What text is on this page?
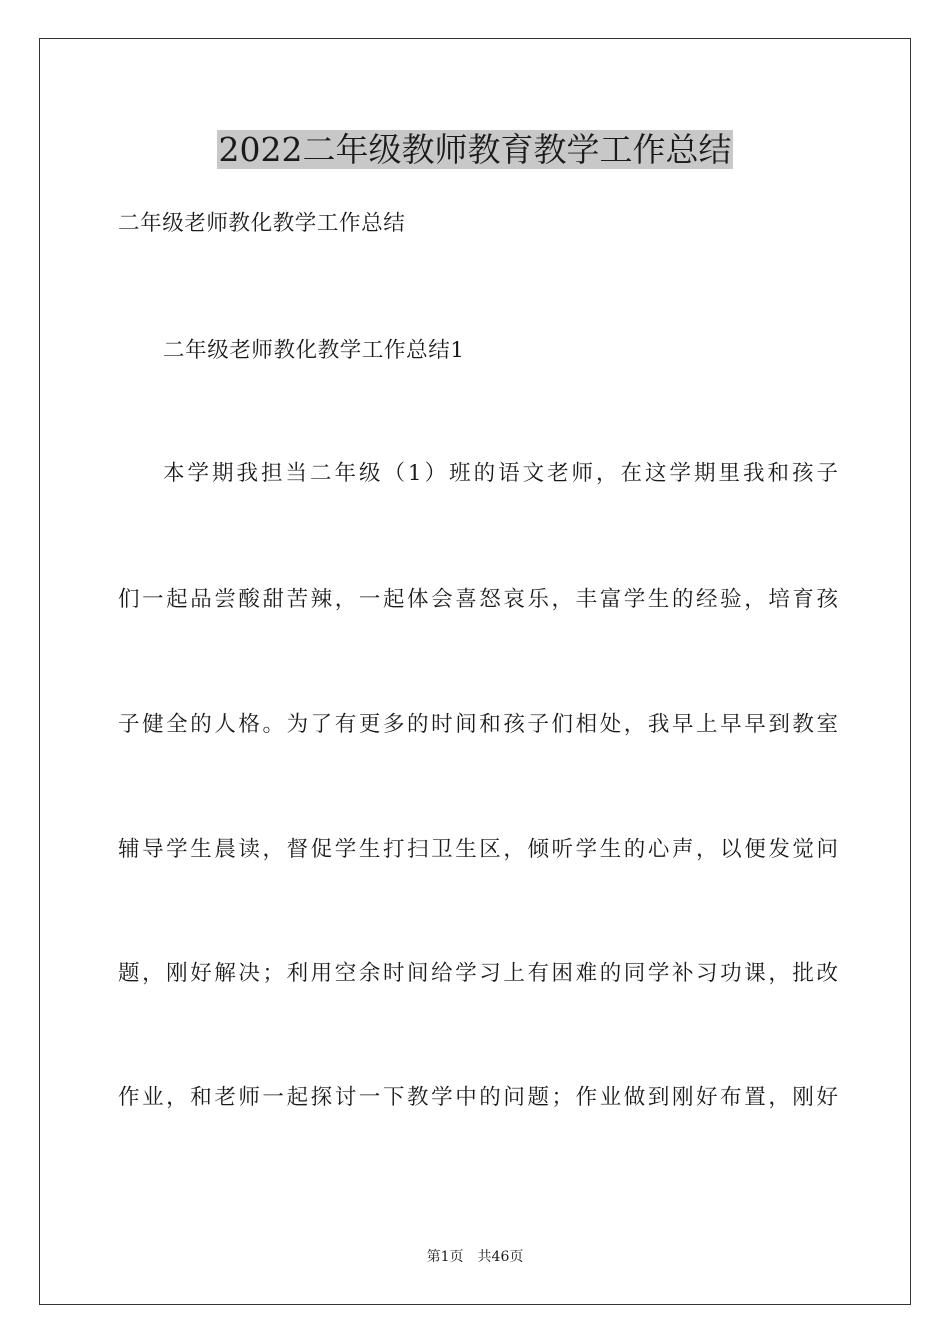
2022二年级教师教育教学工作总结

二年级老师教化教学工作总结

二年级老师教化教学工作总结1

本学期我担当二年级（1）班的语文老师，在这学期里我和孩子

们一起品尝酸甜苦辣，一起体会喜怒哀乐，丰富学生的经验，培育孩

子健全的人格。为了有更多的时间和孩子们相处，我早上早早到教室

辅导学生晨读，督促学生打扫卫生区，倾听学生的心声，以便发觉问

题，刚好解决；利用空余时间给学习上有困难的同学补习功课，批改

作业，和老师一起探讨一下教学中的问题；作业做到刚好布置，刚好

第1页 共46页
